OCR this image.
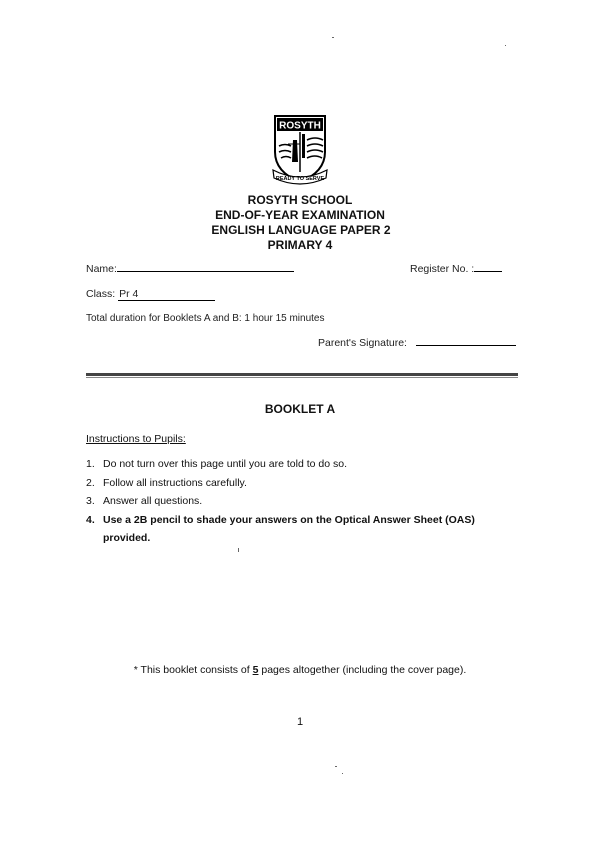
ROSYTH
READY TO SERVE
ROSYTH SCHOOL
END-OF-YEAR EXAMINATION
ENGLISH LANGUAGE PAPER 2
PRIMARY 4
Name:	Register No. :
Class: Pr 4
Total duration for Booklets A and B: 1 hour 15 minutes
Parent's Signature:
BOOKLET A
Instructions to Pupils:
1. Do not turn over this page until you are told to do so.
2. Follow all instructions carefully.
3. Answer all questions.
4. Use a 2B pencil to shade your answers on the Optical Answer Sheet (OAS)
provided.
* This booklet consists of 5 pages altogether (including the cover page).
1
